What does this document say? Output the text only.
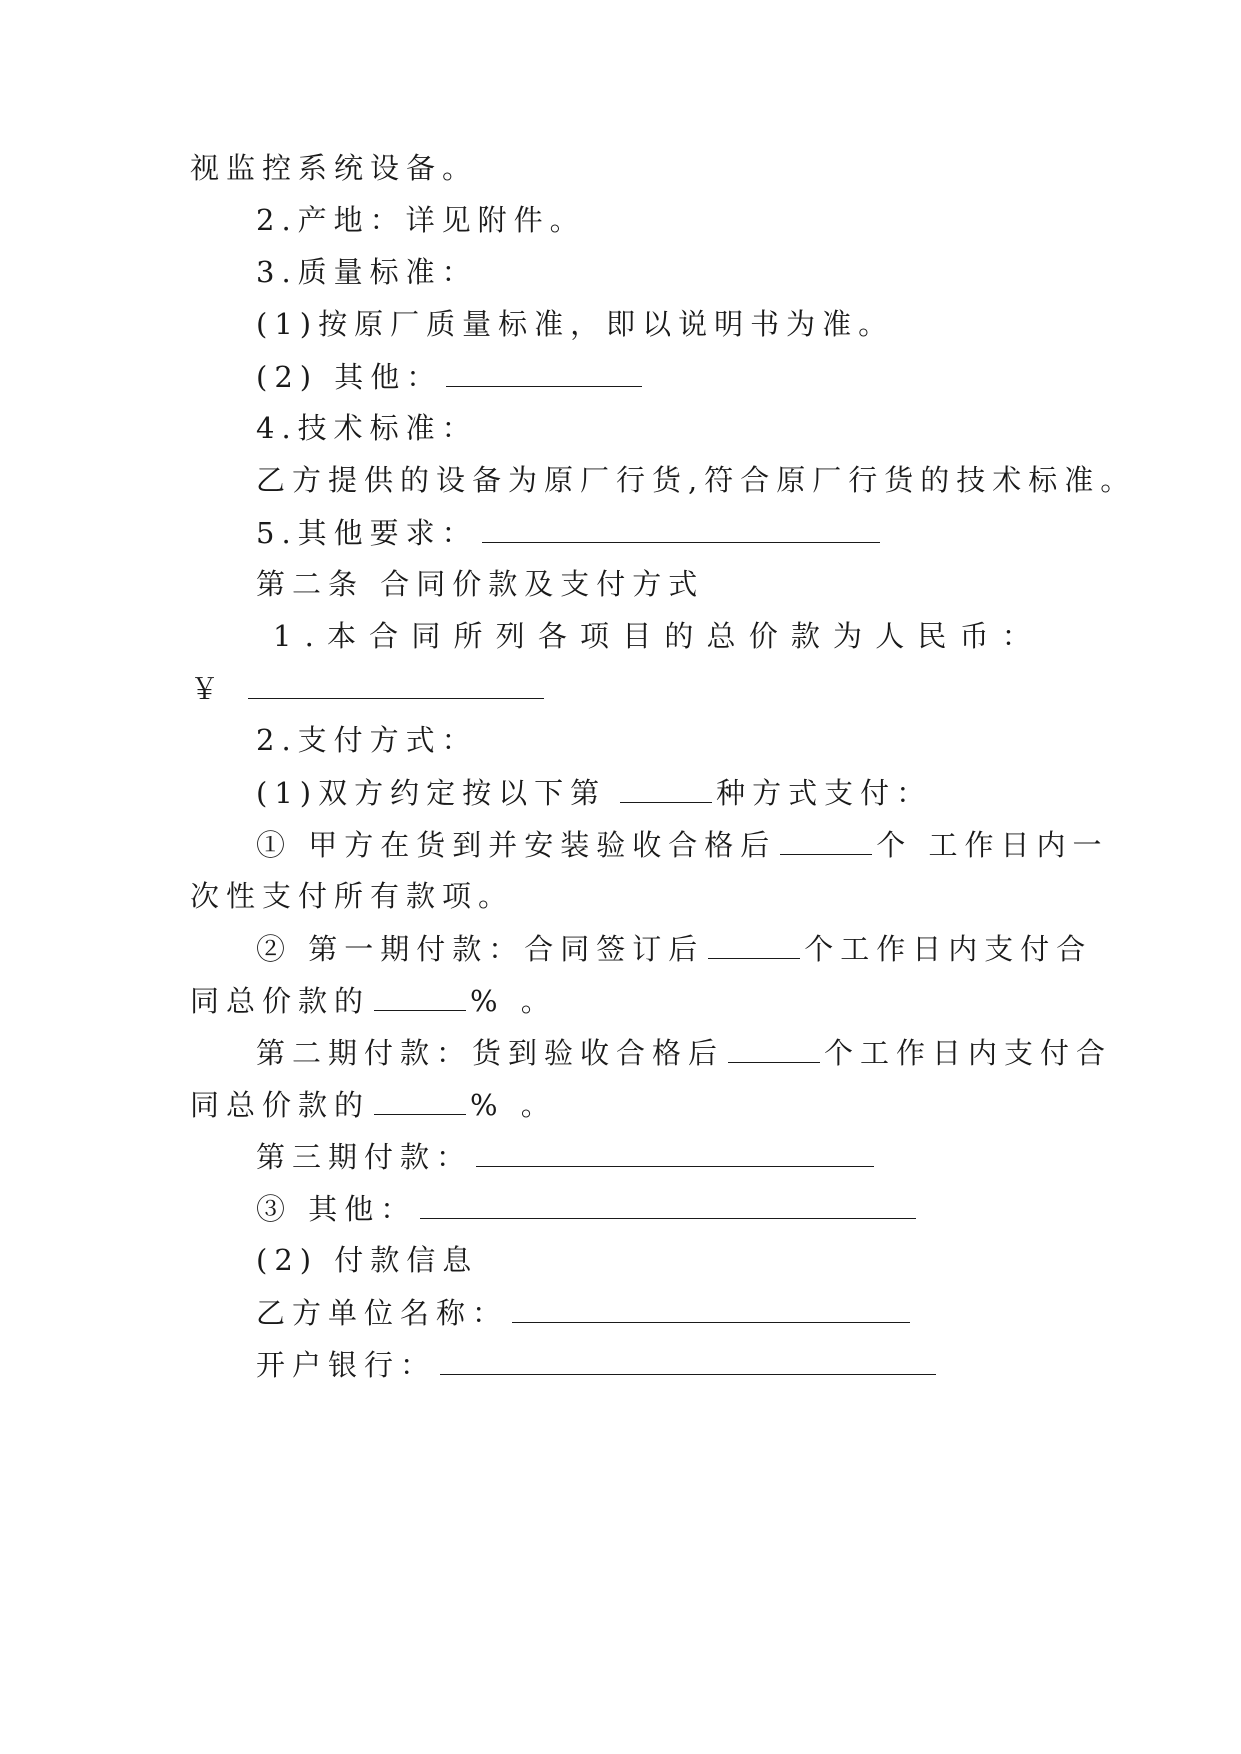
视监控系统设备。

2.产地：详见附件。

3.质量标准：

(1)按原厂质量标准，即以说明书为准。

(2) 其他：

4.技术标准：

乙方提供的设备为原厂行货,符合原厂行货的技术标准。

5.其他要求：

第二条 合同价款及支付方式

1 . 本 合 同 所 列 各 项 目 的 总 价 款 为 人 民 币 ：

￥

2.支付方式：

(1)双方约定按以下第	种方式支付：

① 甲方在货到并安装验收合格后	个 工作日内一

次性支付所有款项。

② 第一期付款：合同签订后	个工作日内支付合

同总价款的	% 。

第二期付款：货到验收合格后	个工作日内支付合

同总价款的	% 。

第三期付款：

③ 其他：

(2) 付款信息

乙方单位名称：

开户银行：
